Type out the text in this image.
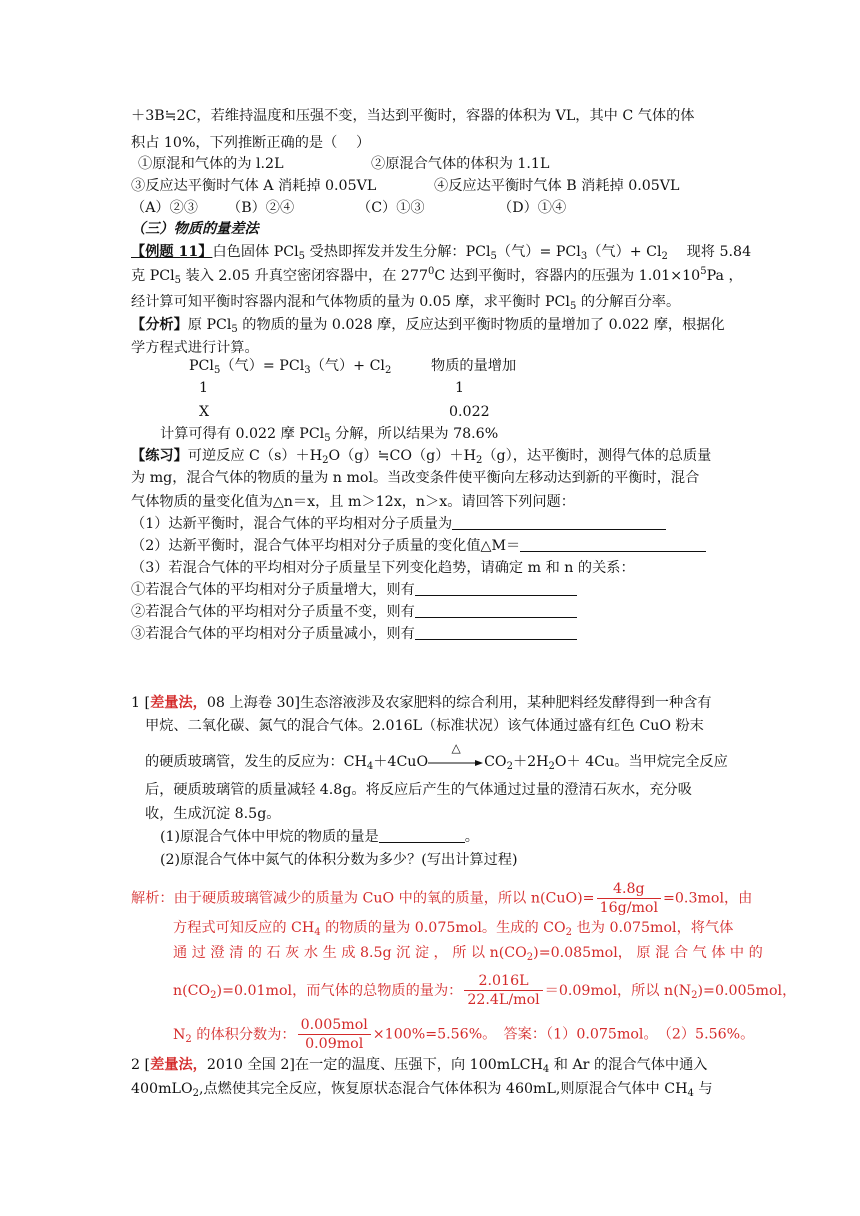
＋3B≒2C，若维持温度和压强不变，当达到平衡时，容器的体积为 VL，其中 C 气体的体
积占 10%，下列推断正确的是（　 ）
①原混和气体的为 l.2L	②原混合气体的体积为 1.1L
③反应达平衡时气体 A 消耗掉 0.05VL	④反应达平衡时气体 B 消耗掉 0.05VL
（A）②③ （B）②④	（C）①③	（D）①④
（三）物质的量差法
【例题 11】白色固体 PCl$_5$ 受热即挥发并发生分解：PCl$_5$（气）= PCl$_3$（气）+ $Cl_2$ 　现将 5.84
克 PCl$_5$ 装入 2.05 升真空密闭容器中，在 $277^0C$ 达到平衡时，容器内的压强为 $1.01\times 10^5Pa$ ，
经计算可知平衡时容器内混和气体物质的量为 0.05 摩，求平衡时 PCl$_5$ 的分解百分率。
【分析】原 PCl$_5$ 的物质的量为 0.028 摩，反应达到平衡时物质的量增加了 0.022 摩，根据化
学方程式进行计算。
PCl$_5$（气）= PCl$_3$（气）+ $Cl_2$	物质的量增加
1	1
X	0.022
计算可得有 0.022 摩 PCl$_5$ 分解，所以结果为 78.6%
【练习】可逆反应 $C(s)+H_2O(g)≒CO(g)+H_2(g)$，达平衡时，测得气体的总质量
为 mg，混合气体的物质的量为 n mol。当改变条件使平衡向左移动达到新的平衡时，混合
气体物质的量变化值为△n＝x，且 m＞12x，n＞x。请回答下列问题：
（1）达新平衡时，混合气体的平均相对分子质量为
（2）达新平衡时，混合气体平均相对分子质量的变化值△M＝
（3）若混合气体的平均相对分子质量呈下列变化趋势，请确定 m 和 n 的关系：
①若混合气体的平均相对分子质量增大，则有
②若混合气体的平均相对分子质量不变，则有
③若混合气体的平均相对分子质量减小，则有
1 [差量法，08 上海卷 30]生态溶液涉及农家肥料的综合利用，某种肥料经发酵得到一种含有
甲烷、二氧化碳、氮气的混合气体。2.016L（标准状况）该气体通过盛有红色 CuO 粉末
的硬质玻璃管，发生的反应为：$CH_4+4CuO$
△
$CO_2+2H_2O+ 4Cu$。当甲烷完全反应
后，硬质玻璃管的质量减轻 4.8g。将反应后产生的气体通过过量的澄清石灰水，充分吸
收，生成沉淀 8.5g。
(1)原混合气体中甲烷的物质的量是	。
(2)原混合气体中氮气的体积分数为多少？(写出计算过程)
解析：由于硬质玻璃管减少的质量为 CuO 中的氧的质量，所以 $n(CuO)= \frac{4.8g}{\text{16g/mol}} =0.3mol$，由
方程式可知反应的 $CH_4$ 的物质的量为 0.075mol。生成的 $CO_2$ 也为 0.075mol，将气体
通 过 澄 清 的 石 灰 水 生 成 8.5g 沉 淀 ， 所 以 $n(CO_2)=0.085mol$， 原 混 合 气 体 中 的
$n(CO_2)=0.01mol$，而气体的总物质的量为： $\frac{2.016L}{\text{22.4L/mol}} =0.09mol$，所以 $n(N_2)=0.005mol$，
$N_2$ 的体积分数为： $\frac{\text{0.005mol}}{\text{0.09mol}} \times 100\%=5.56\%$。　答案：（1）0.075mol。　（2）5.56%。
2 [差量法，2010 全国 2]在一定的温度、压强下，向 100mLCH$_4$ 和 Ar 的混合气体中通入
400mLO$_2$,点燃使其完全反应，恢复原状态混合气体体积为 460mL,则原混合气体中 $CH_4$ 与
